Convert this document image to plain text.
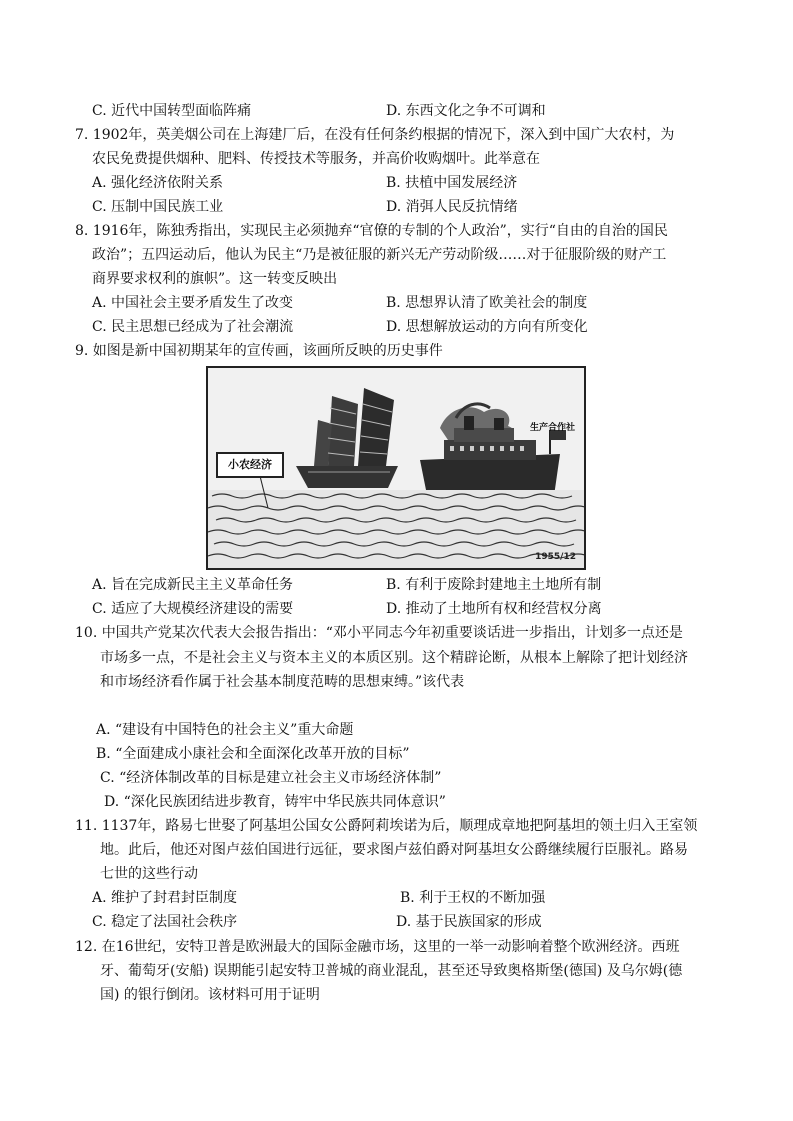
C. 近代中国转型面临阵痛	D. 东西文化之争不可调和
7. 1902年，英美烟公司在上海建厂后，在没有任何条约根据的情况下，深入到中国广大农村，为
农民免费提供烟种、肥料、传授技术等服务，并高价收购烟叶。此举意在
A. 强化经济依附关系	B. 扶植中国发展经济
C. 压制中国民族工业	D. 消弭人民反抗情绪
8. 1916年，陈独秀指出，实现民主必须抛弃“官僚的专制的个人政治”，实行“自由的自治的国民
政治”；五四运动后，他认为民主“乃是被征服的新兴无产劳动阶级……对于征服阶级的财产工
商界要求权利的旗帜”。这一转变反映出
A. 中国社会主要矛盾发生了改变	B. 思想界认清了欧美社会的制度
C. 民主思想已经成为了社会潮流	D. 思想解放运动的方向有所变化
9. 如图是新中国初期某年的宣传画，该画所反映的历史事件
小农经济
生产合作社
1955/12
A. 旨在完成新民主主义革命任务	B. 有利于废除封建地主土地所有制
C. 适应了大规模经济建设的需要	D. 推动了土地所有权和经营权分离
10. 中国共产党某次代表大会报告指出：“邓小平同志今年初重要谈话进一步指出，计划多一点还是
市场多一点，不是社会主义与资本主义的本质区别。这个精辟论断，从根本上解除了把计划经济
和市场经济看作属于社会基本制度范畴的思想束缚。”该代表
A. “建设有中国特色的社会主义”重大命题
B. “全面建成小康社会和全面深化改革开放的目标”
C. “经济体制改革的目标是建立社会主义市场经济体制”
D. “深化民族团结进步教育，铸牢中华民族共同体意识”
11. 1137年，路易七世娶了阿基坦公国女公爵阿莉埃诺为后，顺理成章地把阿基坦的领土归入王室领
地。此后，他还对图卢兹伯国进行远征，要求图卢兹伯爵对阿基坦女公爵继续履行臣服礼。路易
七世的这些行动
A. 维护了封君封臣制度	B. 利于王权的不断加强
C. 稳定了法国社会秩序	D. 基于民族国家的形成
12. 在16世纪，安特卫普是欧洲最大的国际金融市场，这里的一举一动影响着整个欧洲经济。西班
牙、葡萄牙(安船) 误期能引起安特卫普城的商业混乱，甚至还导致奥格斯堡(德国) 及乌尔姆(德
国) 的银行倒闭。该材料可用于证明
